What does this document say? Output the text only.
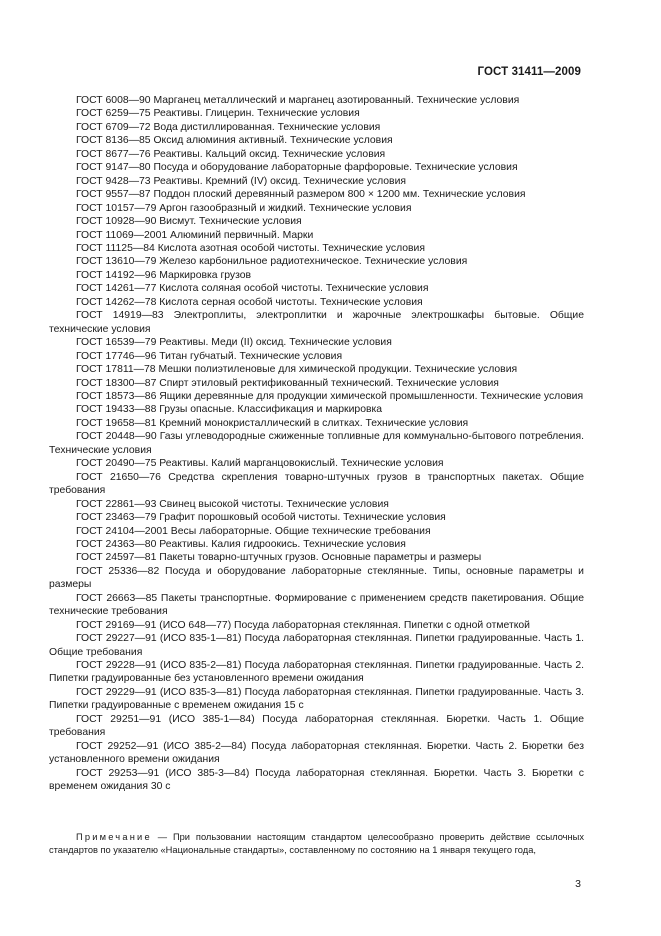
ГОСТ 31411—2009

ГОСТ 6008—90 Марганец металлический и марганец азотированный. Технические условия

ГОСТ 6259—75 Реактивы. Глицерин. Технические условия

ГОСТ 6709—72 Вода дистиллированная. Технические условия

ГОСТ 8136—85 Оксид алюминия активный. Технические условия

ГОСТ 8677—76 Реактивы. Кальций оксид. Технические условия

ГОСТ 9147—80 Посуда и оборудование лабораторные фарфоровые. Технические условия

ГОСТ 9428—73 Реактивы. Кремний (IV) оксид. Технические условия

ГОСТ 9557—87 Поддон плоский деревянный размером 800 × 1200 мм. Технические условия

ГОСТ 10157—79 Аргон газообразный и жидкий. Технические условия

ГОСТ 10928—90 Висмут. Технические условия

ГОСТ 11069—2001 Алюминий первичный. Марки

ГОСТ 11125—84 Кислота азотная особой чистоты. Технические условия

ГОСТ 13610—79 Железо карбонильное радиотехническое. Технические условия

ГОСТ 14192—96 Маркировка грузов

ГОСТ 14261—77 Кислота соляная особой чистоты. Технические условия

ГОСТ 14262—78 Кислота серная особой чистоты. Технические условия

ГОСТ 14919—83 Электроплиты, электроплитки и жарочные электрошкафы бытовые. Общие технические условия

ГОСТ 16539—79 Реактивы. Меди (II) оксид. Технические условия

ГОСТ 17746—96 Титан губчатый. Технические условия

ГОСТ 17811—78 Мешки полиэтиленовые для химической продукции. Технические условия

ГОСТ 18300—87 Спирт этиловый ректификованный технический. Технические условия

ГОСТ 18573—86 Ящики деревянные для продукции химической промышленности. Технические условия

ГОСТ 19433—88 Грузы опасные. Классификация и маркировка

ГОСТ 19658—81 Кремний монокристаллический в слитках. Технические условия

ГОСТ 20448—90 Газы углеводородные сжиженные топливные для коммунально-бытового потребления. Технические условия

ГОСТ 20490—75 Реактивы. Калий марганцовокислый. Технические условия

ГОСТ 21650—76 Средства скрепления товарно-штучных грузов в транспортных пакетах. Общие требования

ГОСТ 22861—93 Свинец высокой чистоты. Технические условия

ГОСТ 23463—79 Графит порошковый особой чистоты. Технические условия

ГОСТ 24104—2001 Весы лабораторные. Общие технические требования

ГОСТ 24363—80 Реактивы. Калия гидроокись. Технические условия

ГОСТ 24597—81 Пакеты товарно-штучных грузов. Основные параметры и размеры

ГОСТ 25336—82 Посуда и оборудование лабораторные стеклянные. Типы, основные параметры и размеры

ГОСТ 26663—85 Пакеты транспортные. Формирование с применением средств пакетирования. Общие технические требования

ГОСТ 29169—91 (ИСО 648—77) Посуда лабораторная стеклянная. Пипетки с одной отметкой

ГОСТ 29227—91 (ИСО 835-1—81) Посуда лабораторная стеклянная. Пипетки градуированные. Часть 1. Общие требования

ГОСТ 29228—91 (ИСО 835-2—81) Посуда лабораторная стеклянная. Пипетки градуированные. Часть 2. Пипетки градуированные без установленного времени ожидания

ГОСТ 29229—91 (ИСО 835-3—81) Посуда лабораторная стеклянная. Пипетки градуированные. Часть 3. Пипетки градуированные с временем ожидания 15 с

ГОСТ 29251—91 (ИСО 385-1—84) Посуда лабораторная стеклянная. Бюретки. Часть 1. Общие требования

ГОСТ 29252—91 (ИСО 385-2—84) Посуда лабораторная стеклянная. Бюретки. Часть 2. Бюретки без установленного времени ожидания

ГОСТ 29253—91 (ИСО 385-3—84) Посуда лабораторная стеклянная. Бюретки. Часть 3. Бюретки с временем ожидания 30 с

Примечание — При пользовании настоящим стандартом целесообразно проверить действие ссылочных стандартов по указателю «Национальные стандарты», составленному по состоянию на 1 января текущего года,

3
